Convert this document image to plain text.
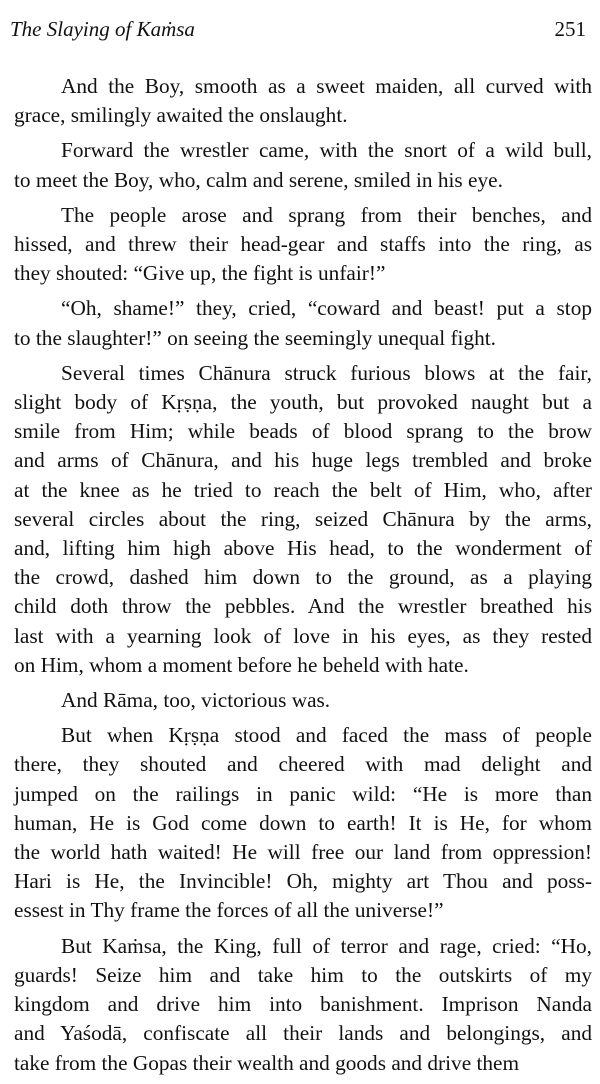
The Slaying of Kaṁsa	251

And the Boy, smooth as a sweet maiden, all curved with
grace, smilingly awaited the onslaught.

Forward the wrestler came, with the snort of a wild bull,
to meet the Boy, who, calm and serene, smiled in his eye.

The people arose and sprang from their benches, and
hissed, and threw their head-gear and staffs into the ring, as
they shouted: “Give up, the fight is unfair!”

“Oh, shame!” they, cried, “coward and beast! put a stop
to the slaughter!” on seeing the seemingly unequal fight.

Several times Chānura struck furious blows at the fair,
slight body of Kṛṣṇa, the youth, but provoked naught but a
smile from Him; while beads of blood sprang to the brow
and arms of Chānura, and his huge legs trembled and broke
at the knee as he tried to reach the belt of Him, who, after
several circles about the ring, seized Chānura by the arms,
and, lifting him high above His head, to the wonderment of
the crowd, dashed him down to the ground, as a playing
child doth throw the pebbles. And the wrestler breathed his
last with a yearning look of love in his eyes, as they rested
on Him, whom a moment before he beheld with hate.

And Rāma, too, victorious was.

But when Kṛṣṇa stood and faced the mass of people
there, they shouted and cheered with mad delight and
jumped on the railings in panic wild: “He is more than
human, He is God come down to earth! It is He, for whom
the world hath waited! He will free our land from oppression!
Hari is He, the Invincible! Oh, mighty art Thou and poss-
essest in Thy frame the forces of all the universe!”

But Kaṁsa, the King, full of terror and rage, cried: “Ho,
guards! Seize him and take him to the outskirts of my
kingdom and drive him into banishment. Imprison Nanda
and Yaśodā, confiscate all their lands and belongings, and
take from the Gopas their wealth and goods and drive them
